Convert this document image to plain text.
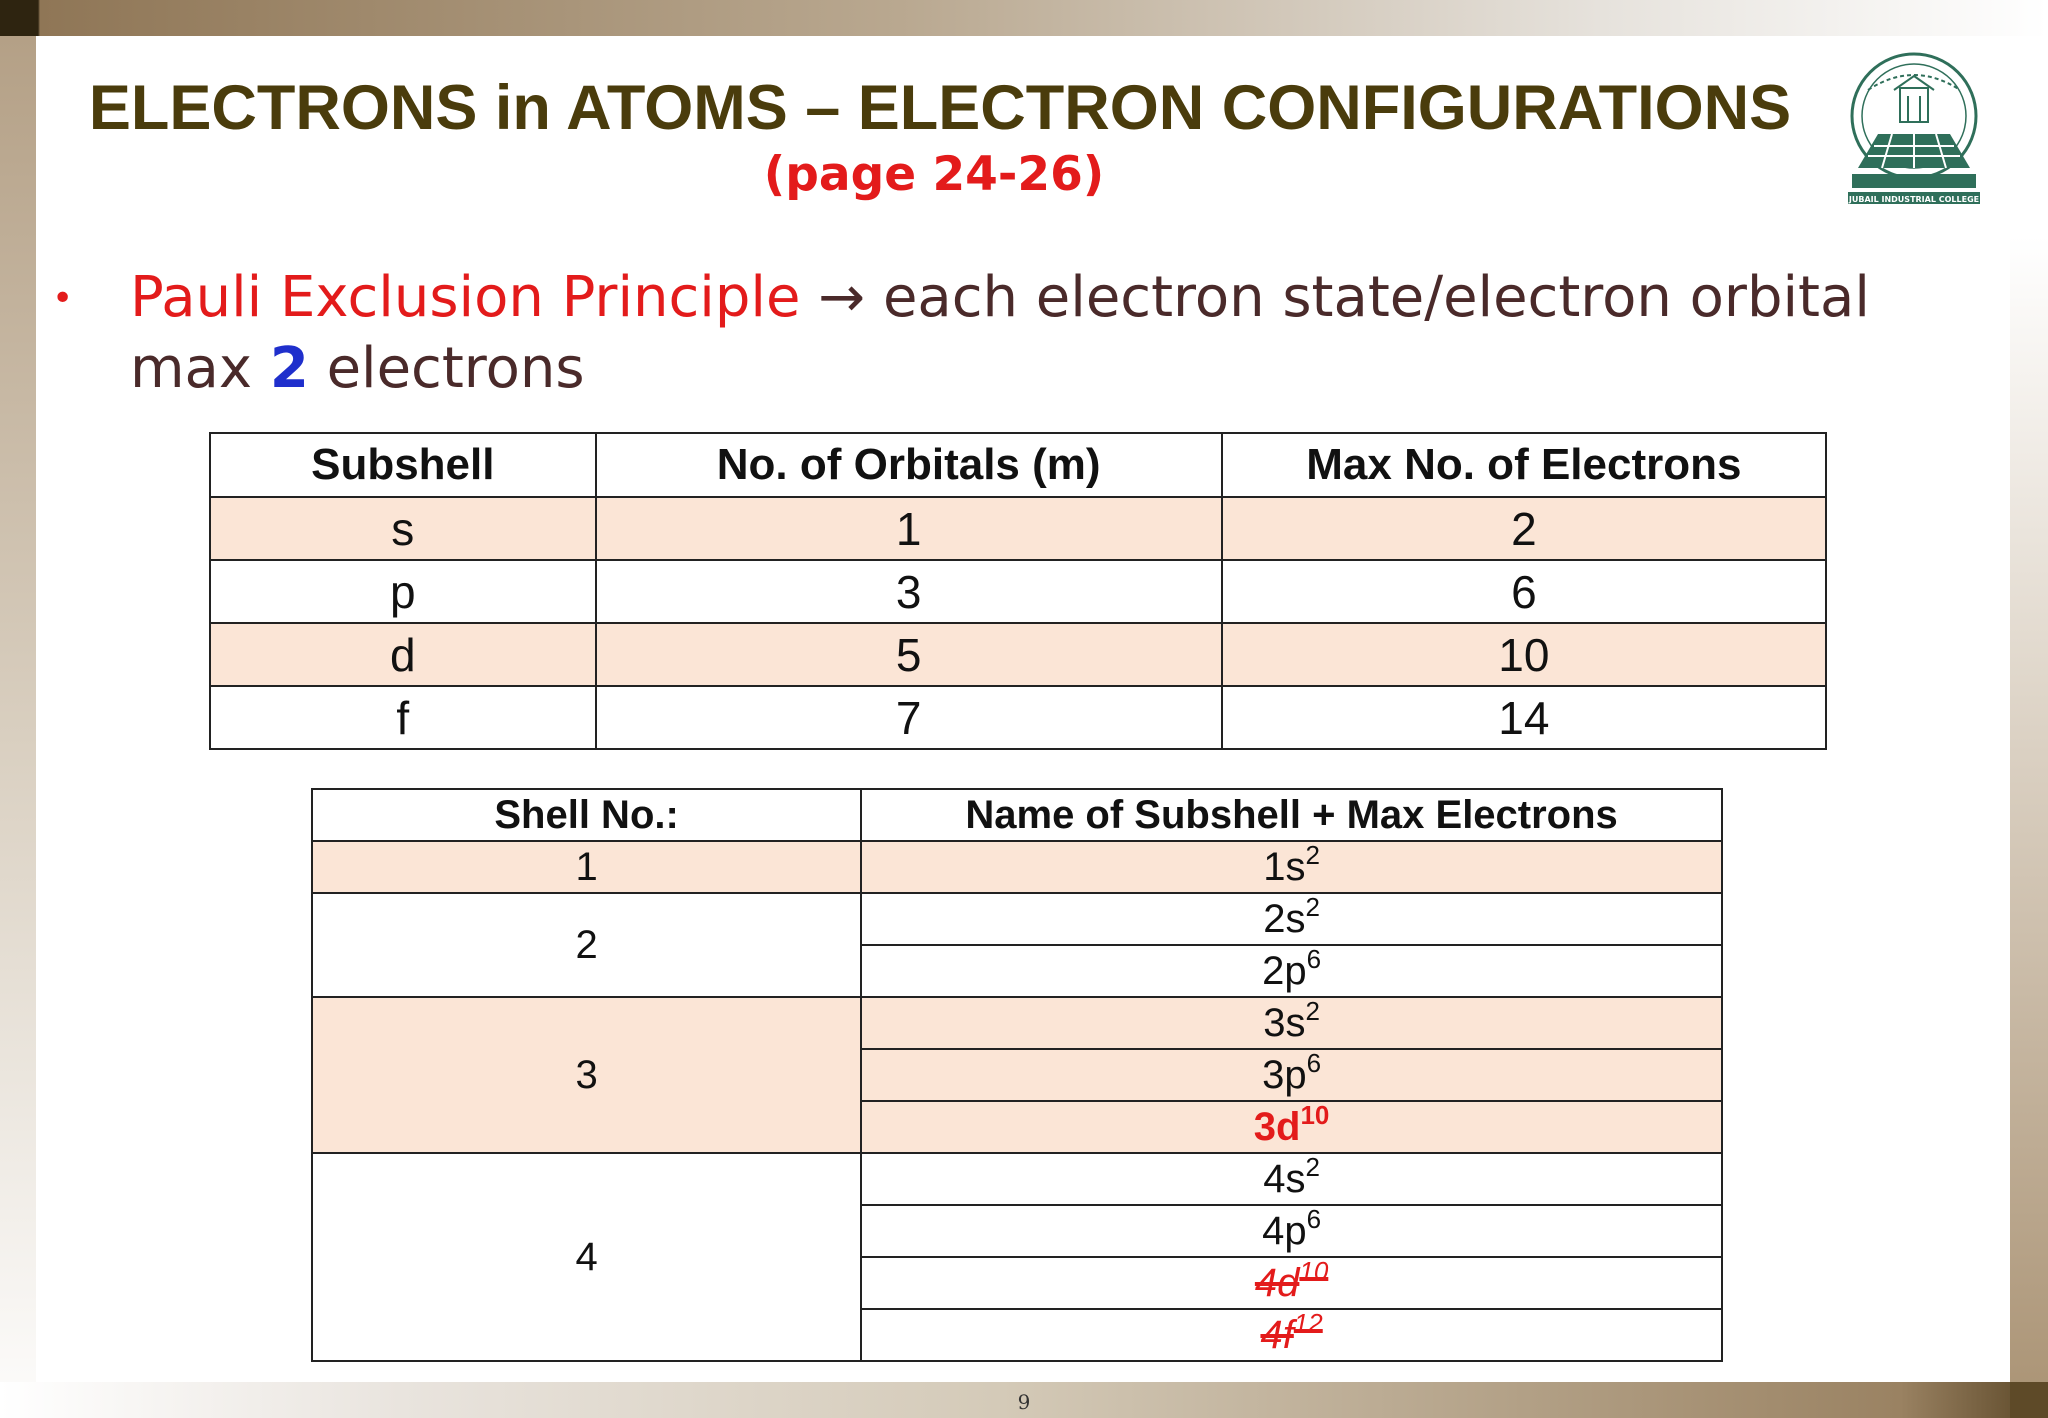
ELECTRONS in ATOMS – ELECTRON CONFIGURATIONS
(page 24-26)	JUBAIL INDUSTRIAL COLLEGE
• Pauli Exclusion Principle → each electron state/electron orbital max 2 electrons
Subshell	No. of Orbitals (m)	Max No. of Electrons
s	1	2
p	3	6
d	5	10
f	7	14
Shell No.:	Name of Subshell + Max Electrons
1	$1s^2$
2	$2s^2$
	$2p^6$
3	$3s^2$
	$3p^6$
	$3d^{10}$
4	$4s^2$
	$4p^6$
	$4d^{10}$
	$4f^{12}$
9
